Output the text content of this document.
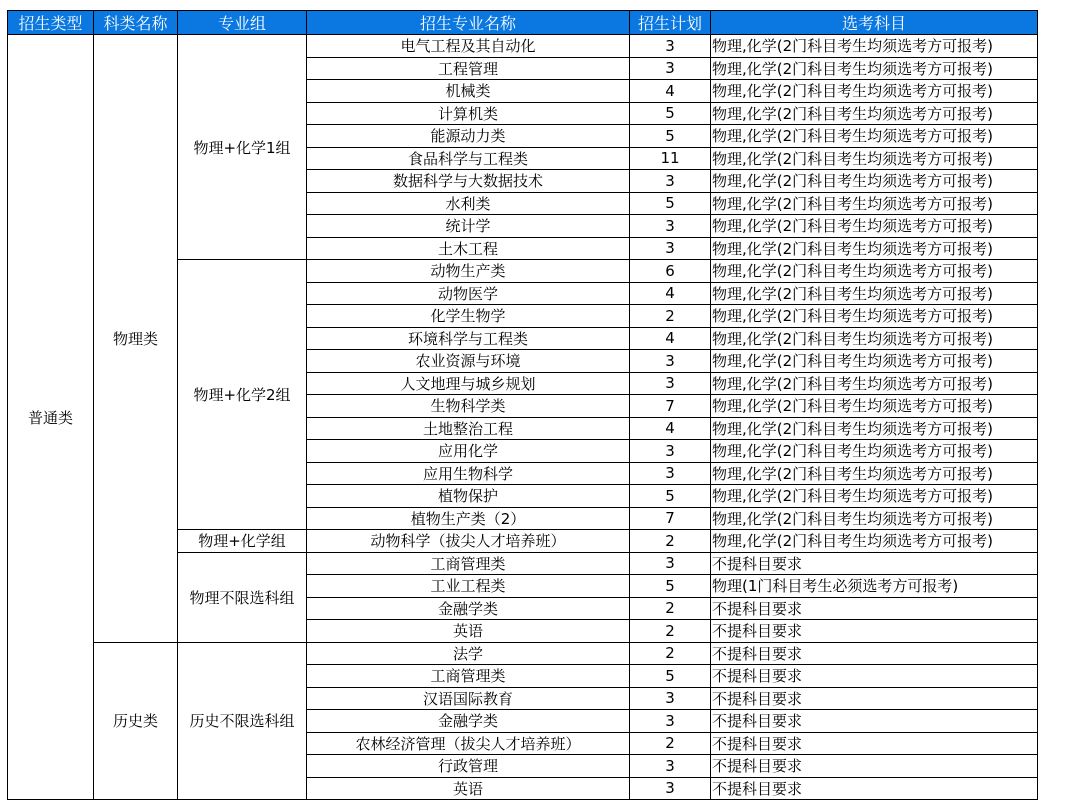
招生类型	科类名称	专业组	招生专业名称	招生计划	选考科目
普通类	物理类	物理+化学1组	电气工程及其自动化	3	物理,化学(2门科目考生均须选考方可报考)
			工程管理	3	物理,化学(2门科目考生均须选考方可报考)
			机械类	4	物理,化学(2门科目考生均须选考方可报考)
			计算机类	5	物理,化学(2门科目考生均须选考方可报考)
			能源动力类	5	物理,化学(2门科目考生均须选考方可报考)
			食品科学与工程类	11	物理,化学(2门科目考生均须选考方可报考)
			数据科学与大数据技术	3	物理,化学(2门科目考生均须选考方可报考)
			水利类	5	物理,化学(2门科目考生均须选考方可报考)
			统计学	3	物理,化学(2门科目考生均须选考方可报考)
			土木工程	3	物理,化学(2门科目考生均须选考方可报考)
		物理+化学2组	动物生产类	6	物理,化学(2门科目考生均须选考方可报考)
			动物医学	4	物理,化学(2门科目考生均须选考方可报考)
			化学生物学	2	物理,化学(2门科目考生均须选考方可报考)
			环境科学与工程类	4	物理,化学(2门科目考生均须选考方可报考)
			农业资源与环境	3	物理,化学(2门科目考生均须选考方可报考)
			人文地理与城乡规划	3	物理,化学(2门科目考生均须选考方可报考)
			生物科学类	7	物理,化学(2门科目考生均须选考方可报考)
			土地整治工程	4	物理,化学(2门科目考生均须选考方可报考)
			应用化学	3	物理,化学(2门科目考生均须选考方可报考)
			应用生物科学	3	物理,化学(2门科目考生均须选考方可报考)
			植物保护	5	物理,化学(2门科目考生均须选考方可报考)
			植物生产类（2）	7	物理,化学(2门科目考生均须选考方可报考)
		物理+化学组	动物科学（拔尖人才培养班）	2	物理,化学(2门科目考生均须选考方可报考)
		物理不限选科组	工商管理类	3	不提科目要求
			工业工程类	5	物理(1门科目考生必须选考方可报考)
			金融学类	2	不提科目要求
			英语	2	不提科目要求
	历史类	历史不限选科组	法学	2	不提科目要求
			工商管理类	5	不提科目要求
			汉语国际教育	3	不提科目要求
			金融学类	3	不提科目要求
			农林经济管理（拔尖人才培养班）	2	不提科目要求
			行政管理	3	不提科目要求
			英语	3	不提科目要求
